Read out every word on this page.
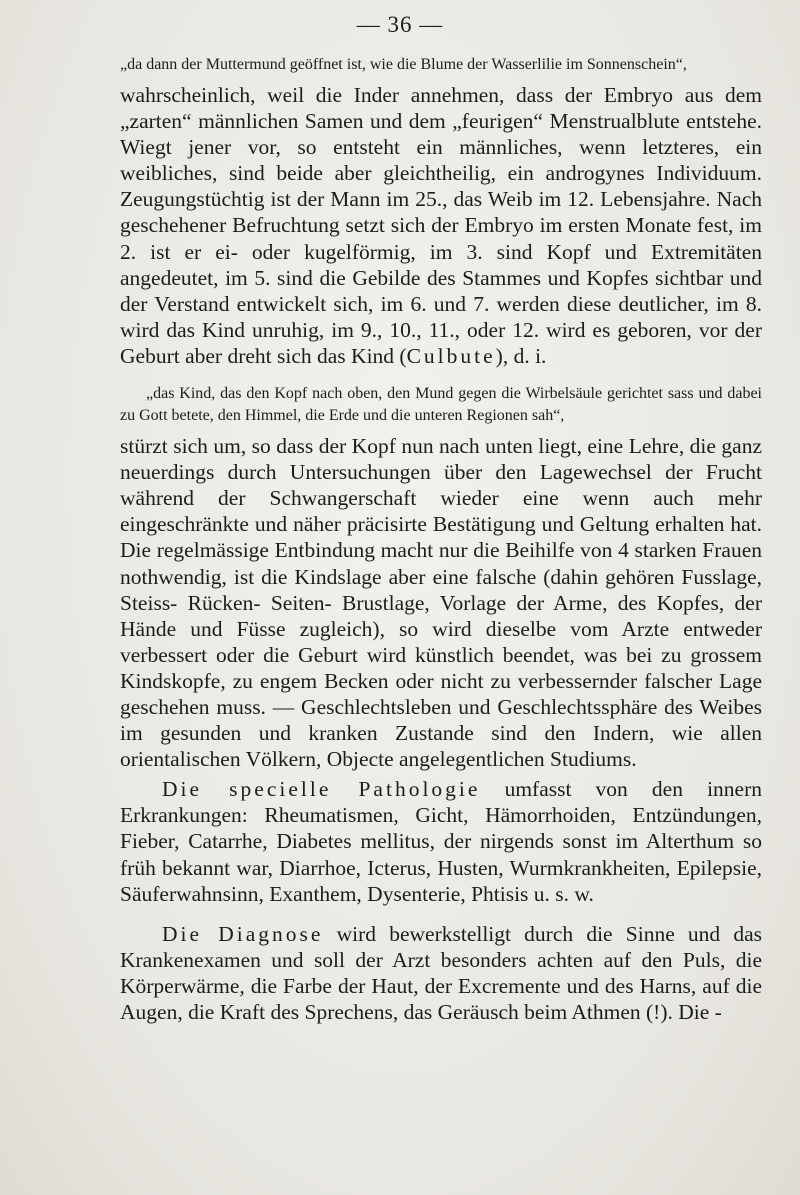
— 36 —

„da dann der Muttermund geöffnet ist, wie die Blume der Wasserlilie im Sonnenschein“,

wahrscheinlich, weil die Inder annehmen, dass der Embryo aus dem „zarten“ männlichen Samen und dem „feurigen“ Menstrualblute entstehe. Wiegt jener vor, so entsteht ein männliches, wenn letzteres, ein weibliches, sind beide aber gleichtheilig, ein androgynes Individuum. Zeugungstüchtig ist der Mann im 25., das Weib im 12. Lebensjahre. Nach geschehener Befruchtung setzt sich der Embryo im ersten Monate fest, im 2. ist er ei- oder kugelförmig, im 3. sind Kopf und Extremitäten angedeutet, im 5. sind die Gebilde des Stammes und Kopfes sichtbar und der Verstand entwickelt sich, im 6. und 7. werden diese deutlicher, im 8. wird das Kind unruhig, im 9., 10., 11., oder 12. wird es geboren, vor der Geburt aber dreht sich das Kind (Culbute), d. i.

„das Kind, das den Kopf nach oben, den Mund gegen die Wirbelsäule gerichtet sass und dabei zu Gott betete, den Himmel, die Erde und die unteren Regionen sah“,

stürzt sich um, so dass der Kopf nun nach unten liegt, eine Lehre, die ganz neuerdings durch Untersuchungen über den Lagewechsel der Frucht während der Schwangerschaft wieder eine wenn auch mehr eingeschränkte und näher präcisirte Bestätigung und Geltung erhalten hat. Die regelmässige Entbindung macht nur die Beihilfe von 4 starken Frauen nothwendig, ist die Kindslage aber eine falsche (dahin gehören Fusslage, Steiss- Rücken- Seiten- Brustlage, Vorlage der Arme, des Kopfes, der Hände und Füsse zugleich), so wird dieselbe vom Arzte entweder verbessert oder die Geburt wird künstlich beendet, was bei zu grossem Kindskopfe, zu engem Becken oder nicht zu verbessernder falscher Lage geschehen muss. — Geschlechtsleben und Geschlechtssphäre des Weibes im gesunden und kranken Zustande sind den Indern, wie allen orientalischen Völkern, Objecte angelegentlichen Studiums.

Die specielle Pathologie umfasst von den innern Erkrankungen: Rheumatismen, Gicht, Hämorrhoiden, Entzündungen, Fieber, Catarrhe, Diabetes mellitus, der nirgends sonst im Alterthum so früh bekannt war, Diarrhoe, Icterus, Husten, Wurmkrankheiten, Epilepsie, Säuferwahnsinn, Exanthem, Dysenterie, Phtisis u. s. w.

Die Diagnose wird bewerkstelligt durch die Sinne und das Krankenexamen und soll der Arzt besonders achten auf den Puls, die Körperwärme, die Farbe der Haut, der Excremente und des Harns, auf die Augen, die Kraft des Sprechens, das Geräusch beim Athmen (!). Die -
